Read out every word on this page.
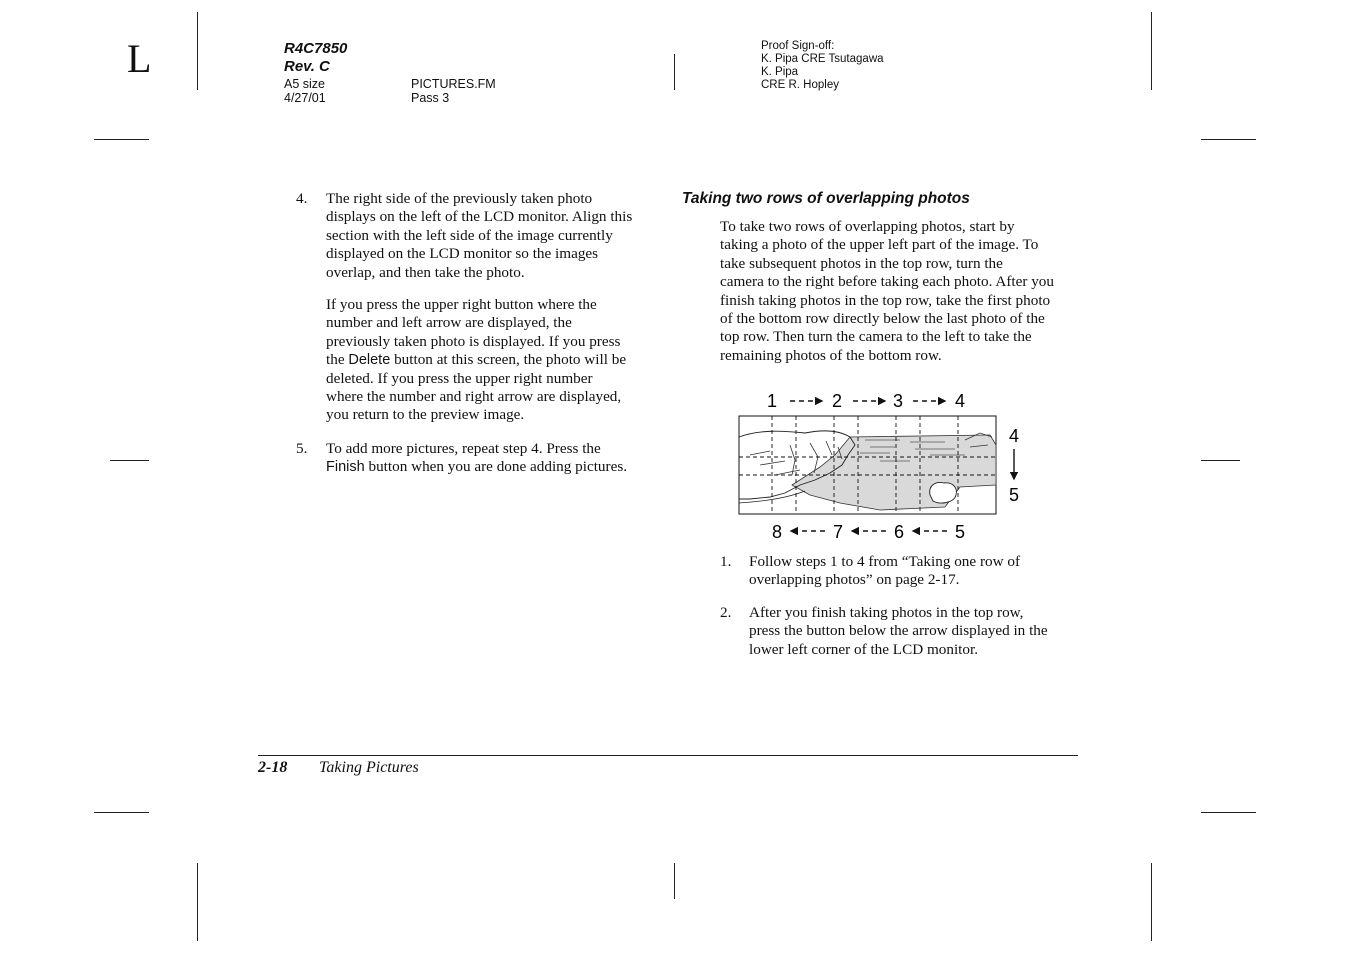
L	R4C7850
Rev. C
A5 size
4/27/01
PICTURES.FM
Pass 3
Proof Sign-off:
K. Pipa CRE Tsutagawa
K. Pipa
CRE R. Hopley
4. The right side of the previously taken photo
displays on the left of the LCD monitor. Align this
section with the left side of the image currently
displayed on the LCD monitor so the images
overlap, and then take the photo.
If you press the upper right button where the
number and left arrow are displayed, the
previously taken photo is displayed. If you press
the Delete button at this screen, the photo will be
deleted. If you press the upper right number
where the number and right arrow are displayed,
you return to the preview image.
5. To add more pictures, repeat step 4. Press the
Finish button when you are done adding pictures.
Taking two rows of overlapping photos
To take two rows of overlapping photos, start by
taking a photo of the upper left part of the image. To
take subsequent photos in the top row, turn the
camera to the right before taking each photo. After you
finish taking photos in the top row, take the first photo
of the bottom row directly below the last photo of the
top row. Then turn the camera to the left to take the
remaining photos of the bottom row.
1	2	3	4
4
5
8	7	6	5
1. Follow steps 1 to 4 from “Taking one row of
overlapping photos” on page 2-17.
2. After you finish taking photos in the top row,
press the button below the arrow displayed in the
lower left corner of the LCD monitor.
2-18 Taking Pictures
